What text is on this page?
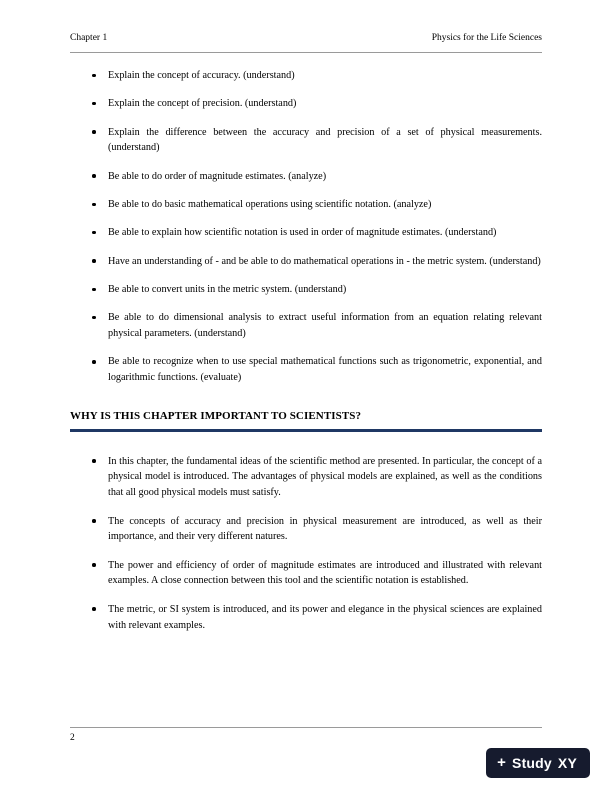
Chapter 1	Physics for the Life Sciences
Explain the concept of accuracy. (understand)
Explain the concept of precision. (understand)
Explain the difference between the accuracy and precision of a set of physical measurements. (understand)
Be able to do order of magnitude estimates. (analyze)
Be able to do basic mathematical operations using scientific notation. (analyze)
Be able to explain how scientific notation is used in order of magnitude estimates. (understand)
Have an understanding of - and be able to do mathematical operations in - the metric system. (understand)
Be able to convert units in the metric system. (understand)
Be able to do dimensional analysis to extract useful information from an equation relating relevant physical parameters. (understand)
Be able to recognize when to use special mathematical functions such as trigonometric, exponential, and logarithmic functions. (evaluate)
WHY IS THIS CHAPTER IMPORTANT TO SCIENTISTS?
In this chapter, the fundamental ideas of the scientific method are presented. In particular, the concept of a physical model is introduced. The advantages of physical models are explained, as well as the conditions that all good physical models must satisfy.
The concepts of accuracy and precision in physical measurement are introduced, as well as their importance, and their very different natures.
The power and efficiency of order of magnitude estimates are introduced and illustrated with relevant examples. A close connection between this tool and the scientific notation is established.
The metric, or SI system is introduced, and its power and elegance in the physical sciences are explained with relevant examples.
2
+ Study XY
